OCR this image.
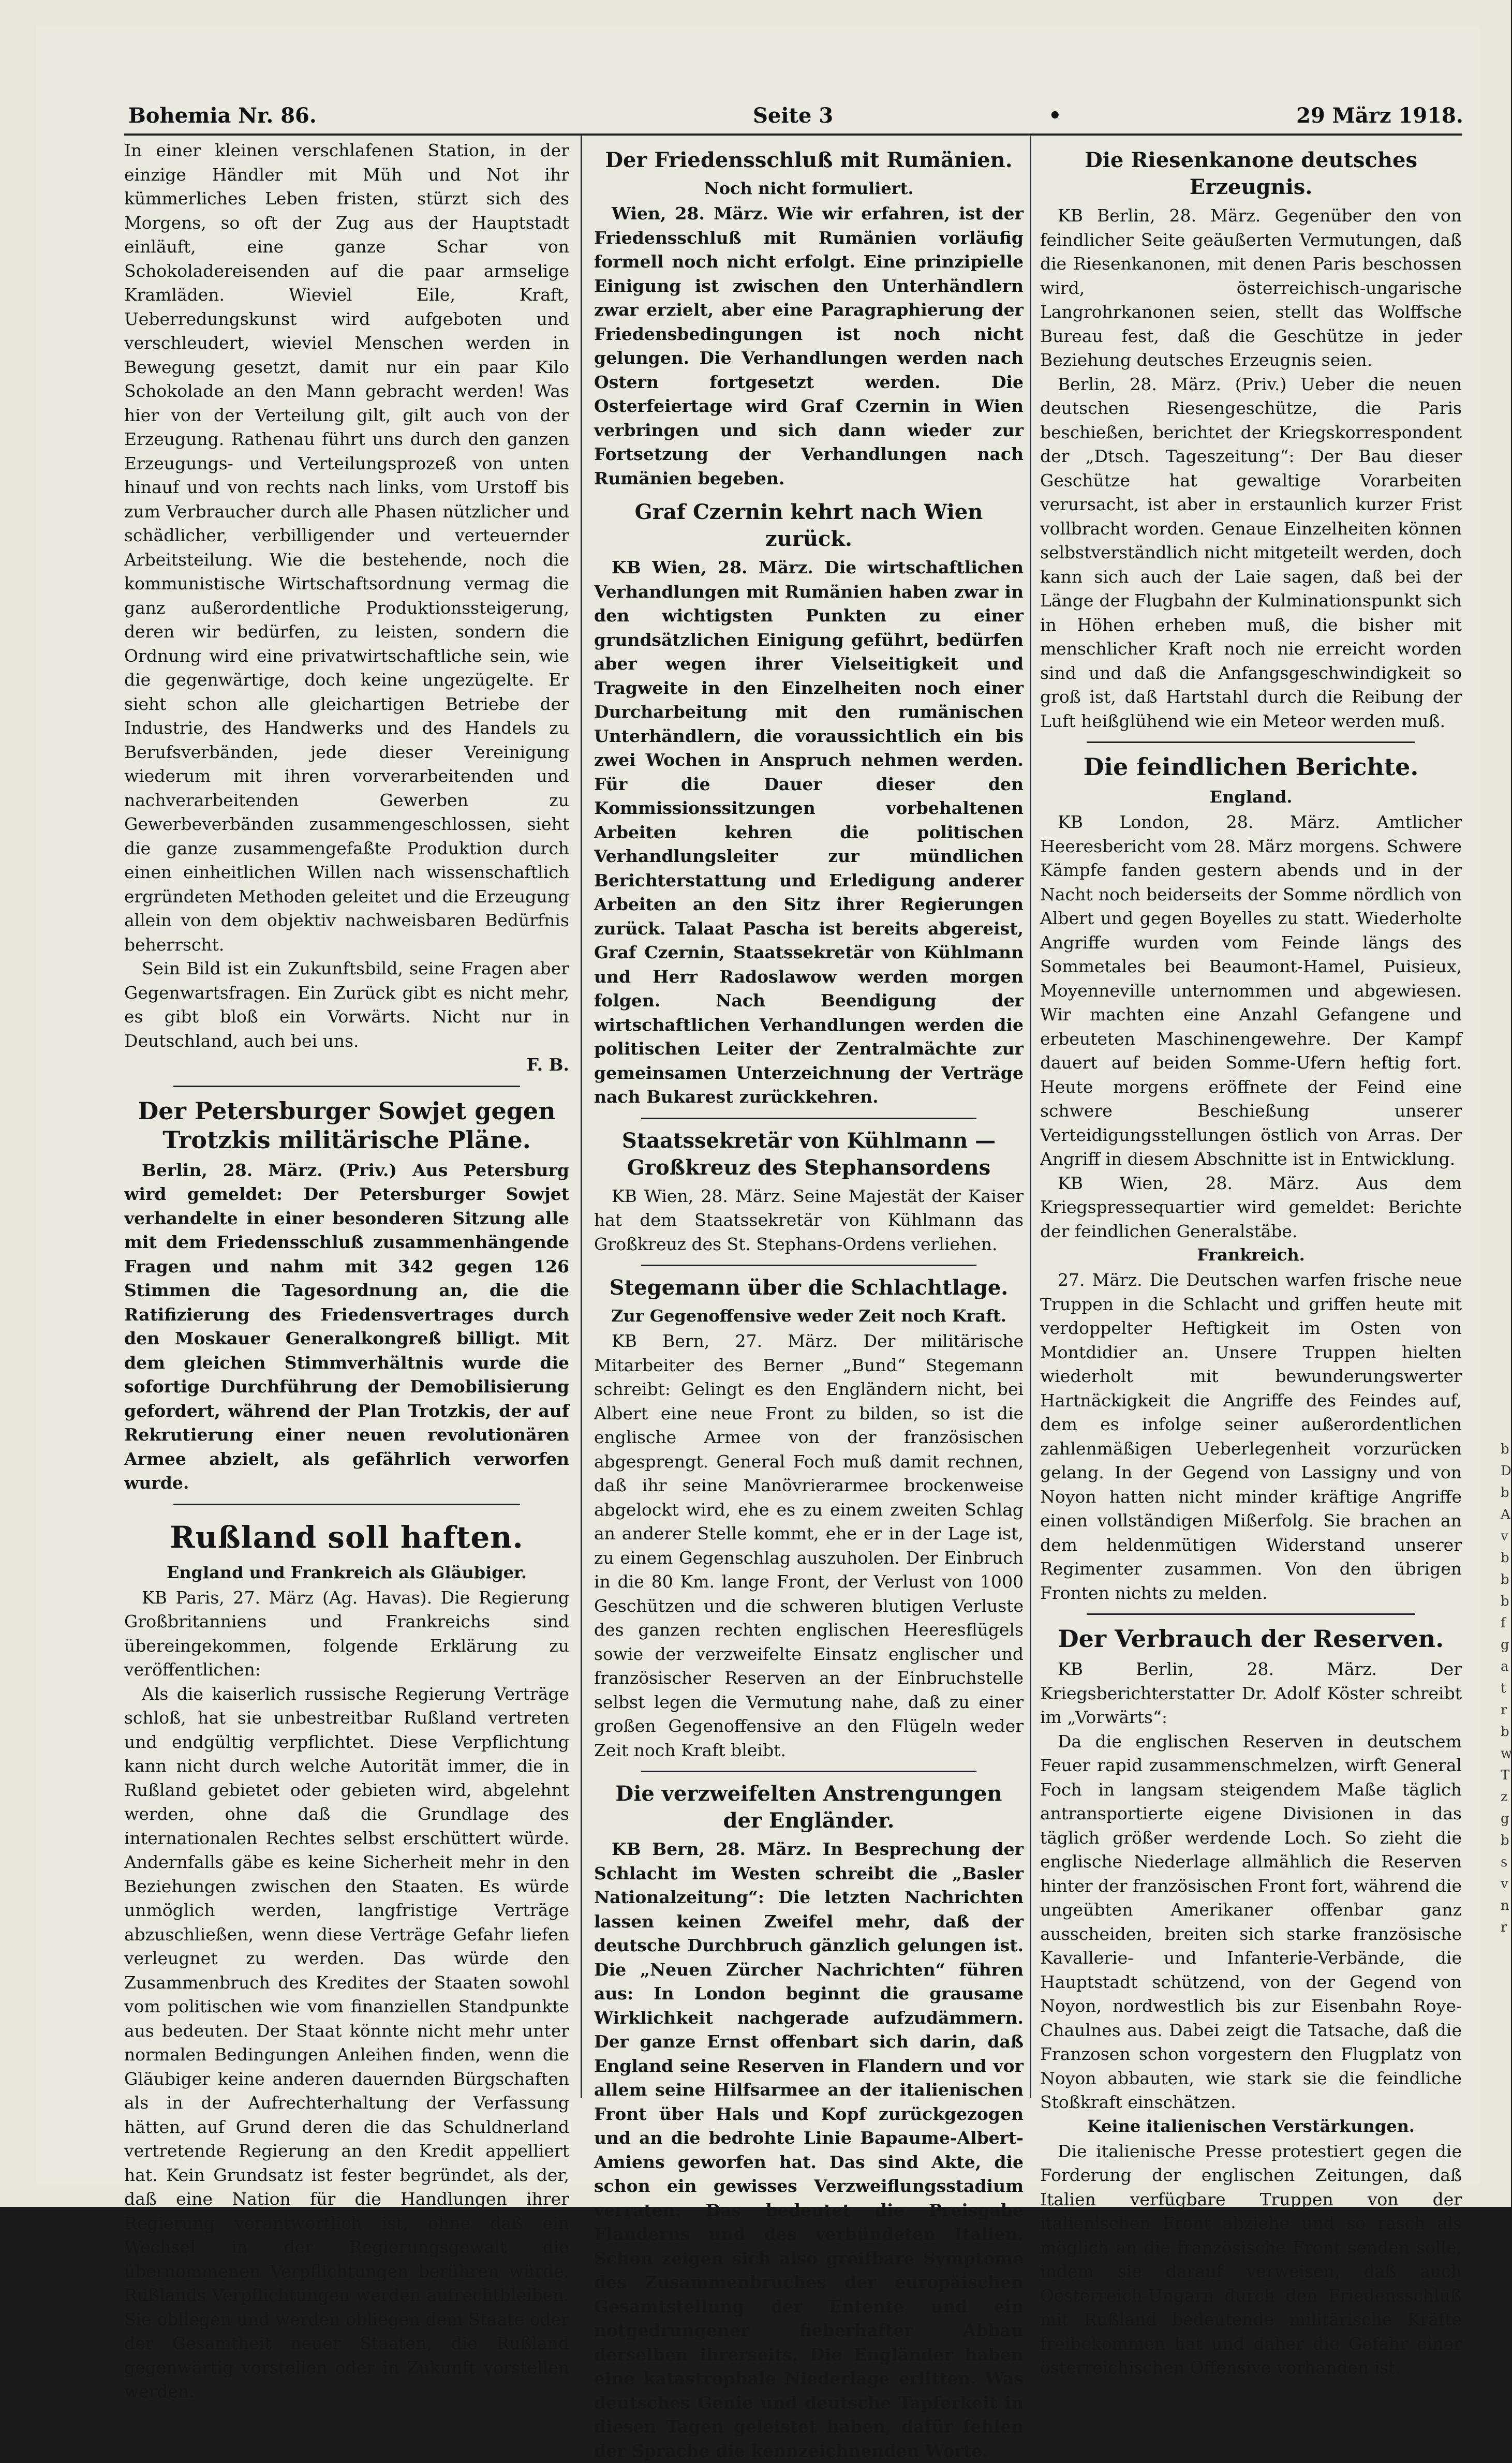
Bohemia Nr. 86.	Seite 3	•	29 März 1918.

In einer kleinen verschlafenen Station, in der einzige Händler mit Müh und Not ihr kümmerliches Leben fristen, stürzt sich des Morgens, so oft der Zug aus der Hauptstadt einläuft, eine ganze Schar von Schokoladereisenden auf die paar armselige Kramläden. Wieviel Eile, Kraft, Ueberredungskunst wird aufgeboten und verschleudert, wieviel Menschen werden in Bewegung gesetzt, damit nur ein paar Kilo Schokolade an den Mann gebracht werden! Was hier von der Verteilung gilt, gilt auch von der Erzeugung. Rathenau führt uns durch den ganzen Erzeugungs- und Verteilungsprozeß von unten hinauf und von rechts nach links, vom Urstoff bis zum Verbraucher durch alle Phasen nützlicher und schädlicher, verbilligender und verteuernder Arbeitsteilung. Wie die bestehende, noch die kommunistische Wirtschaftsordnung vermag die ganz außerordentliche Produktionssteigerung, deren wir bedürfen, zu leisten, sondern die Ordnung wird eine privatwirtschaftliche sein, wie die gegenwärtige, doch keine ungezügelte. Er sieht schon alle gleichartigen Betriebe der Industrie, des Handwerks und des Handels zu Berufsverbänden, jede dieser Vereinigung wiederum mit ihren vorverarbeitenden und nachverarbeitenden Gewerben zu Gewerbeverbänden zusammengeschlossen, sieht die ganze zusammengefaßte Produktion durch einen einheitlichen Willen nach wissenschaftlich ergründeten Methoden geleitet und die Erzeugung allein von dem objektiv nachweisbaren Bedürfnis beherrscht.

Sein Bild ist ein Zukunftsbild, seine Fragen aber Gegenwartsfragen. Ein Zurück gibt es nicht mehr, es gibt bloß ein Vorwärts. Nicht nur in Deutschland, auch bei uns.

F. B.

Der Petersburger Sowjet gegen Trotzkis militärische Pläne.

Berlin, 28. März. (Priv.) Aus Petersburg wird gemeldet: Der Petersburger Sowjet verhandelte in einer besonderen Sitzung alle mit dem Friedensschluß zusammenhängende Fragen und nahm mit 342 gegen 126 Stimmen die Tagesordnung an, die die Ratifizierung des Friedensvertrages durch den Moskauer Generalkongreß billigt. Mit dem gleichen Stimmverhältnis wurde die sofortige Durchführung der Demobilisierung gefordert, während der Plan Trotzkis, der auf Rekrutierung einer neuen revolutionären Armee abzielt, als gefährlich verworfen wurde.

Rußland soll haften.
England und Frankreich als Gläubiger.

KB Paris, 27. März (Ag. Havas). Die Regierung Großbritanniens und Frankreichs sind übereingekommen, folgende Erklärung zu veröffentlichen:

Als die kaiserlich russische Regierung Verträge schloß, hat sie unbestreitbar Rußland vertreten und endgültig verpflichtet. Diese Verpflichtung kann nicht durch welche Autorität immer, die in Rußland gebietet oder gebieten wird, abgelehnt werden, ohne daß die Grundlage des internationalen Rechtes selbst erschüttert würde. Andernfalls gäbe es keine Sicherheit mehr in den Beziehungen zwischen den Staaten. Es würde unmöglich werden, langfristige Verträge abzuschließen, wenn diese Verträge Gefahr liefen verleugnet zu werden. Das würde den Zusammenbruch des Kredites der Staaten sowohl vom politischen wie vom finanziellen Standpunkte aus bedeuten. Der Staat könnte nicht mehr unter normalen Bedingungen Anleihen finden, wenn die Gläubiger keine anderen dauernden Bürgschaften als in der Aufrechterhaltung der Verfassung hätten, auf Grund deren die das Schuldnerland vertretende Regierung an den Kredit appelliert hat. Kein Grundsatz ist fester begründet, als der, daß eine Nation für die Handlungen ihrer Regierung verantwortlich ist, ohne daß ein Wechsel in der Regierungsgewalt die übernommenen Verpflichtungen berühren würde. Rußlands Verpflichtungen werden aufrechtbleiben. Sie obliegen und werden obliegen dem Staate oder der Gesamtheit neuer Staaten, die Rußland gegenwärtig vorstellen oder in Zukunft vorstellen werden.

Der Friedensschluß mit Rumänien.
Noch nicht formuliert.

Wien, 28. März. Wie wir erfahren, ist der Friedensschluß mit Rumänien vorläufig formell noch nicht erfolgt. Eine prinzipielle Einigung ist zwischen den Unterhändlern zwar erzielt, aber eine Paragraphierung der Friedensbedingungen ist noch nicht gelungen. Die Verhandlungen werden nach Ostern fortgesetzt werden. Die Osterfeiertage wird Graf Czernin in Wien verbringen und sich dann wieder zur Fortsetzung der Verhandlungen nach Rumänien begeben.

Graf Czernin kehrt nach Wien zurück.

KB Wien, 28. März. Die wirtschaftlichen Verhandlungen mit Rumänien haben zwar in den wichtigsten Punkten zu einer grundsätzlichen Einigung geführt, bedürfen aber wegen ihrer Vielseitigkeit und Tragweite in den Einzelheiten noch einer Durcharbeitung mit den rumänischen Unterhändlern, die voraussichtlich ein bis zwei Wochen in Anspruch nehmen werden. Für die Dauer dieser den Kommissionssitzungen vorbehaltenen Arbeiten kehren die politischen Verhandlungsleiter zur mündlichen Berichterstattung und Erledigung anderer Arbeiten an den Sitz ihrer Regierungen zurück. Talaat Pascha ist bereits abgereist, Graf Czernin, Staatssekretär von Kühlmann und Herr Radoslawow werden morgen folgen. Nach Beendigung der wirtschaftlichen Verhandlungen werden die politischen Leiter der Zentralmächte zur gemeinsamen Unterzeichnung der Verträge nach Bukarest zurückkehren.

Staatssekretär von Kühlmann — Großkreuz des Stephansordens

KB Wien, 28. März. Seine Majestät der Kaiser hat dem Staatssekretär von Kühlmann das Großkreuz des St. Stephans-Ordens verliehen.

Stegemann über die Schlachtlage.
Zur Gegenoffensive weder Zeit noch Kraft.

KB Bern, 27. März. Der militärische Mitarbeiter des Berner „Bund“ Stegemann schreibt: Gelingt es den Engländern nicht, bei Albert eine neue Front zu bilden, so ist die englische Armee von der französischen abgesprengt. General Foch muß damit rechnen, daß ihr seine Manövrierarmee brockenweise abgelockt wird, ehe es zu einem zweiten Schlag an anderer Stelle kommt, ehe er in der Lage ist, zu einem Gegenschlag auszuholen. Der Einbruch in die 80 Km. lange Front, der Verlust von 1000 Geschützen und die schweren blutigen Verluste des ganzen rechten englischen Heeresflügels sowie der verzweifelte Einsatz englischer und französischer Reserven an der Einbruchstelle selbst legen die Vermutung nahe, daß zu einer großen Gegenoffensive an den Flügeln weder Zeit noch Kraft bleibt.

Die verzweifelten Anstrengungen der Engländer.

KB Bern, 28. März. In Besprechung der Schlacht im Westen schreibt die „Basler Nationalzeitung“: Die letzten Nachrichten lassen keinen Zweifel mehr, daß der deutsche Durchbruch gänzlich gelungen ist. Die „Neuen Zürcher Nachrichten“ führen aus: In London beginnt die grausame Wirklichkeit nachgerade aufzudämmern. Der ganze Ernst offenbart sich darin, daß England seine Reserven in Flandern und vor allem seine Hilfsarmee an der italienischen Front über Hals und Kopf zurückgezogen und an die bedrohte Linie Bapaume-Albert-Amiens geworfen hat. Das sind Akte, die schon ein gewisses Verzweiflungsstadium verraten. Das bedeutet die Preisgabe Flanderns und des verbündeten Italien. Schon zeigen sich also greifbare Symptome des Zusammenbruches der europäischen Gesamtstellung der Entente und ein notgedrungener fieberhafter Abbau derselben ihrerseits. Die Engländer haben eine katastrophale Niederlage erlitten. Was deutsches Genie und deutsche Tapferkeit in diesen Tagen geleistet haben, dafür fehlen der Sprache die kennzeichnenden Worte.

Die Riesenkanone deutsches Erzeugnis.

KB Berlin, 28. März. Gegenüber den von feindlicher Seite geäußerten Vermutungen, daß die Riesenkanonen, mit denen Paris beschossen wird, österreichisch-ungarische Langrohrkanonen seien, stellt das Wolffsche Bureau fest, daß die Geschütze in jeder Beziehung deutsches Erzeugnis seien.

Berlin, 28. März. (Priv.) Ueber die neuen deutschen Riesengeschütze, die Paris beschießen, berichtet der Kriegskorrespondent der „Dtsch. Tageszeitung“: Der Bau dieser Geschütze hat gewaltige Vorarbeiten verursacht, ist aber in erstaunlich kurzer Frist vollbracht worden. Genaue Einzelheiten können selbstverständlich nicht mitgeteilt werden, doch kann sich auch der Laie sagen, daß bei der Länge der Flugbahn der Kulminationspunkt sich in Höhen erheben muß, die bisher mit menschlicher Kraft noch nie erreicht worden sind und daß die Anfangsgeschwindigkeit so groß ist, daß Hartstahl durch die Reibung der Luft heißglühend wie ein Meteor werden muß.

Die feindlichen Berichte.
England.

KB London, 28. März. Amtlicher Heeresbericht vom 28. März morgens. Schwere Kämpfe fanden gestern abends und in der Nacht noch beiderseits der Somme nördlich von Albert und gegen Boyelles zu statt. Wiederholte Angriffe wurden vom Feinde längs des Sommetales bei Beaumont-Hamel, Puisieux, Moyenneville unternommen und abgewiesen. Wir machten eine Anzahl Gefangene und erbeuteten Maschinengewehre. Der Kampf dauert auf beiden Somme-Ufern heftig fort. Heute morgens eröffnete der Feind eine schwere Beschießung unserer Verteidigungsstellungen östlich von Arras. Der Angriff in diesem Abschnitte ist in Entwicklung.

KB Wien, 28. März. Aus dem Kriegspressequartier wird gemeldet: Berichte der feindlichen Generalstäbe.

Frankreich.

27. März. Die Deutschen warfen frische neue Truppen in die Schlacht und griffen heute mit verdoppelter Heftigkeit im Osten von Montdidier an. Unsere Truppen hielten wiederholt mit bewunderungswerter Hartnäckigkeit die Angriffe des Feindes auf, dem es infolge seiner außerordentlichen zahlenmäßigen Ueberlegenheit vorzurücken gelang. In der Gegend von Lassigny und von Noyon hatten nicht minder kräftige Angriffe einen vollständigen Mißerfolg. Sie brachen an dem heldenmütigen Widerstand unserer Regimenter zusammen. Von den übrigen Fronten nichts zu melden.

Der Verbrauch der Reserven.

KB Berlin, 28. März. Der Kriegsberichterstatter Dr. Adolf Köster schreibt im „Vorwärts“:

Da die englischen Reserven in deutschem Feuer rapid zusammenschmelzen, wirft General Foch in langsam steigendem Maße täglich antransportierte eigene Divisionen in das täglich größer werdende Loch. So zieht die englische Niederlage allmählich die Reserven hinter der französischen Front fort, während die ungeübten Amerikaner offenbar ganz ausscheiden, breiten sich starke französische Kavallerie- und Infanterie-Verbände, die Hauptstadt schützend, von der Gegend von Noyon, nordwestlich bis zur Eisenbahn Roye-Chaulnes aus. Dabei zeigt die Tatsache, daß die Franzosen schon vorgestern den Flugplatz von Noyon abbauten, wie stark sie die feindliche Stoßkraft einschätzen.

Keine italienischen Verstärkungen.

Die italienische Presse protestiert gegen die Forderung der englischen Zeitungen, daß Italien verfügbare Truppen von der italienischen Front abziehe und so rasch als möglich an die französische Front senden solle, indem sie darauf verweisen, daß auch Oesterreich-Ungarn durch den Friedensschluß mit Rußland bedeutende militärische Kräfte freibekommen hat und daher die Gefahr einer österreichischen Offensive vorhanden ist.

b
D
b
A
v
b
b
b
f
g
a
t
r
b
w
T
z
g
b
s
v
n
r
